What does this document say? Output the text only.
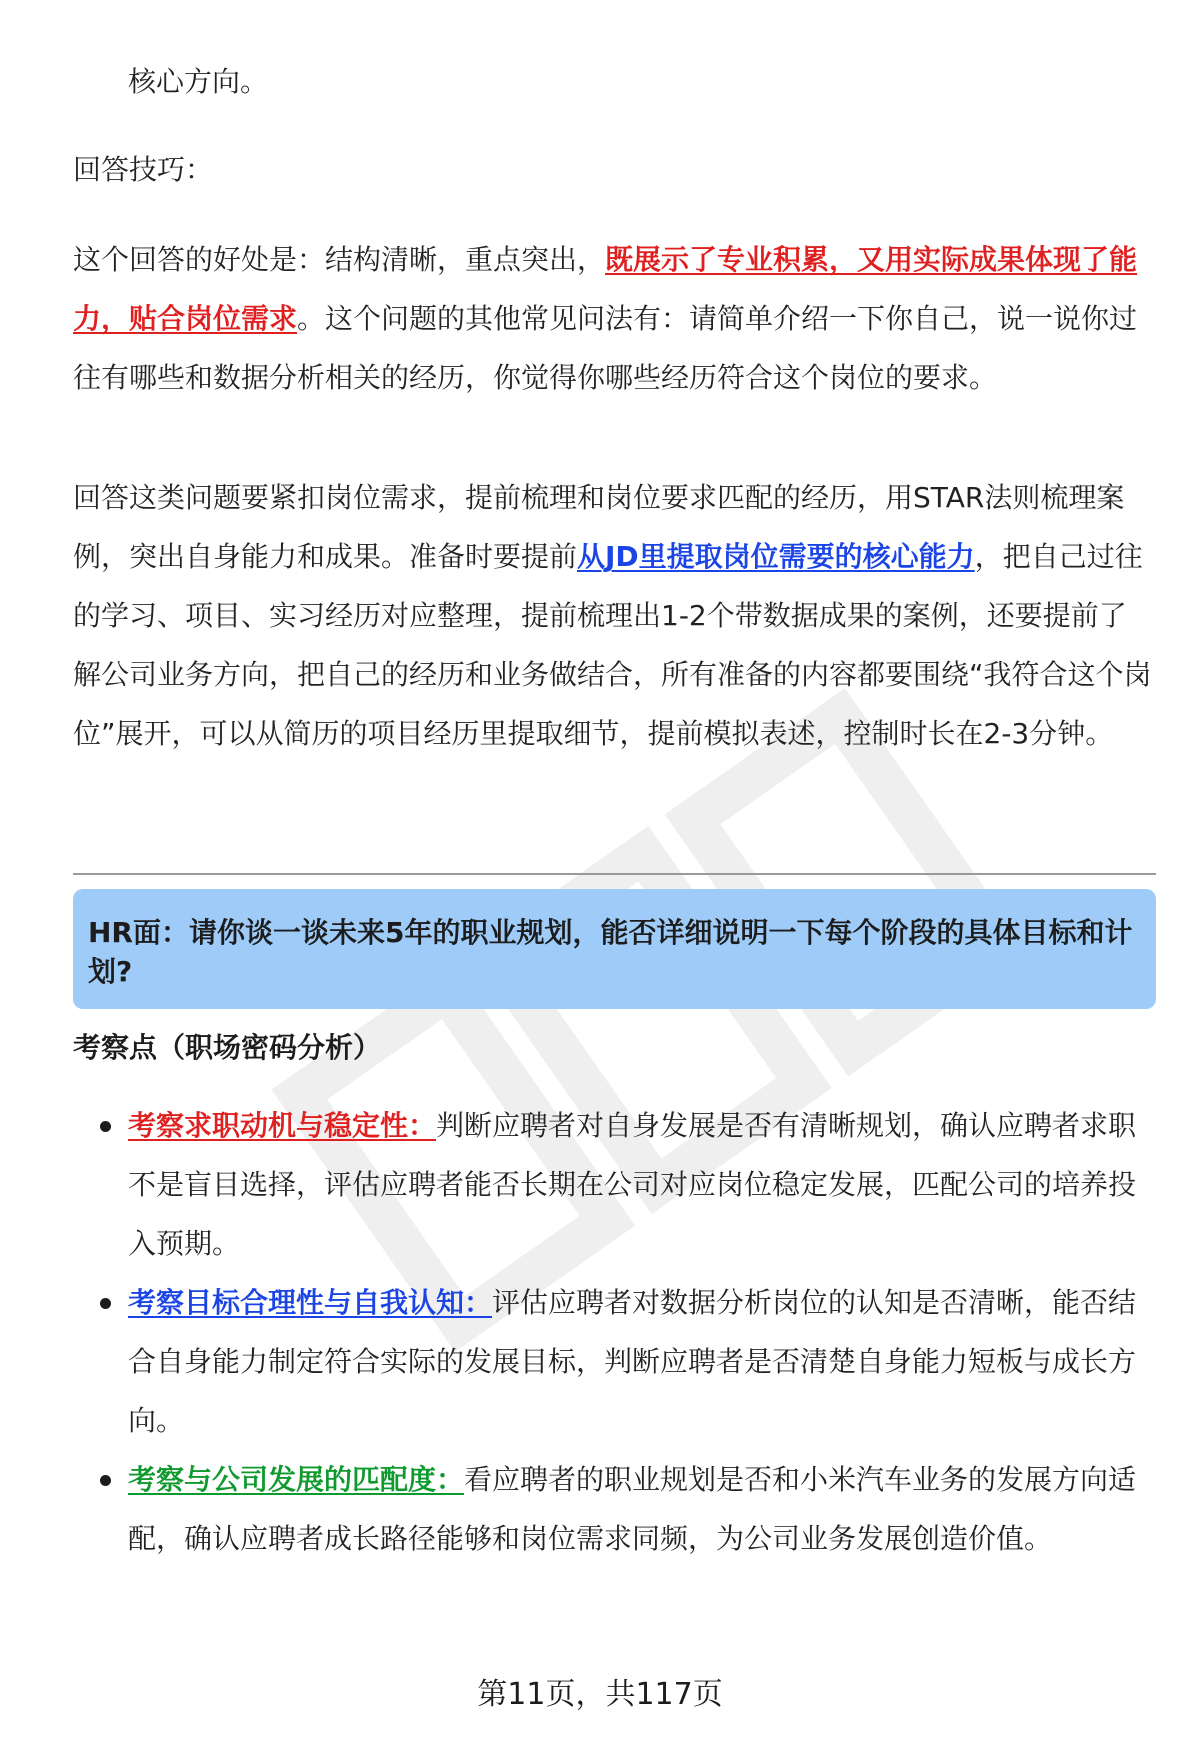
核心方向。

回答技巧：

这个回答的好处是：结构清晰，重点突出，既展示了专业积累，又用实际成果体现了能力，贴合岗位需求。这个问题的其他常见问法有：请简单介绍一下你自己，说一说你过往有哪些和数据分析相关的经历，你觉得你哪些经历符合这个岗位的要求。

回答这类问题要紧扣岗位需求，提前梳理和岗位要求匹配的经历，用STAR法则梳理案例，突出自身能力和成果。准备时要提前从JD里提取岗位需要的核心能力，把自己过往的学习、项目、实习经历对应整理，提前梳理出1-2个带数据成果的案例，还要提前了解公司业务方向，把自己的经历和业务做结合，所有准备的内容都要围绕“我符合这个岗位”展开，可以从简历的项目经历里提取细节，提前模拟表述，控制时长在2-3分钟。

HR面：请你谈一谈未来5年的职业规划，能否详细说明一下每个阶段的具体目标和计划?

考察点（职场密码分析）

考察求职动机与稳定性：判断应聘者对自身发展是否有清晰规划，确认应聘者求职不是盲目选择，评估应聘者能否长期在公司对应岗位稳定发展，匹配公司的培养投入预期。
考察目标合理性与自我认知：评估应聘者对数据分析岗位的认知是否清晰，能否结合自身能力制定符合实际的发展目标，判断应聘者是否清楚自身能力短板与成长方向。
考察与公司发展的匹配度：看应聘者的职业规划是否和小米汽车业务的发展方向适配，确认应聘者成长路径能够和岗位需求同频，为公司业务发展创造价值。

第11页，共117页
